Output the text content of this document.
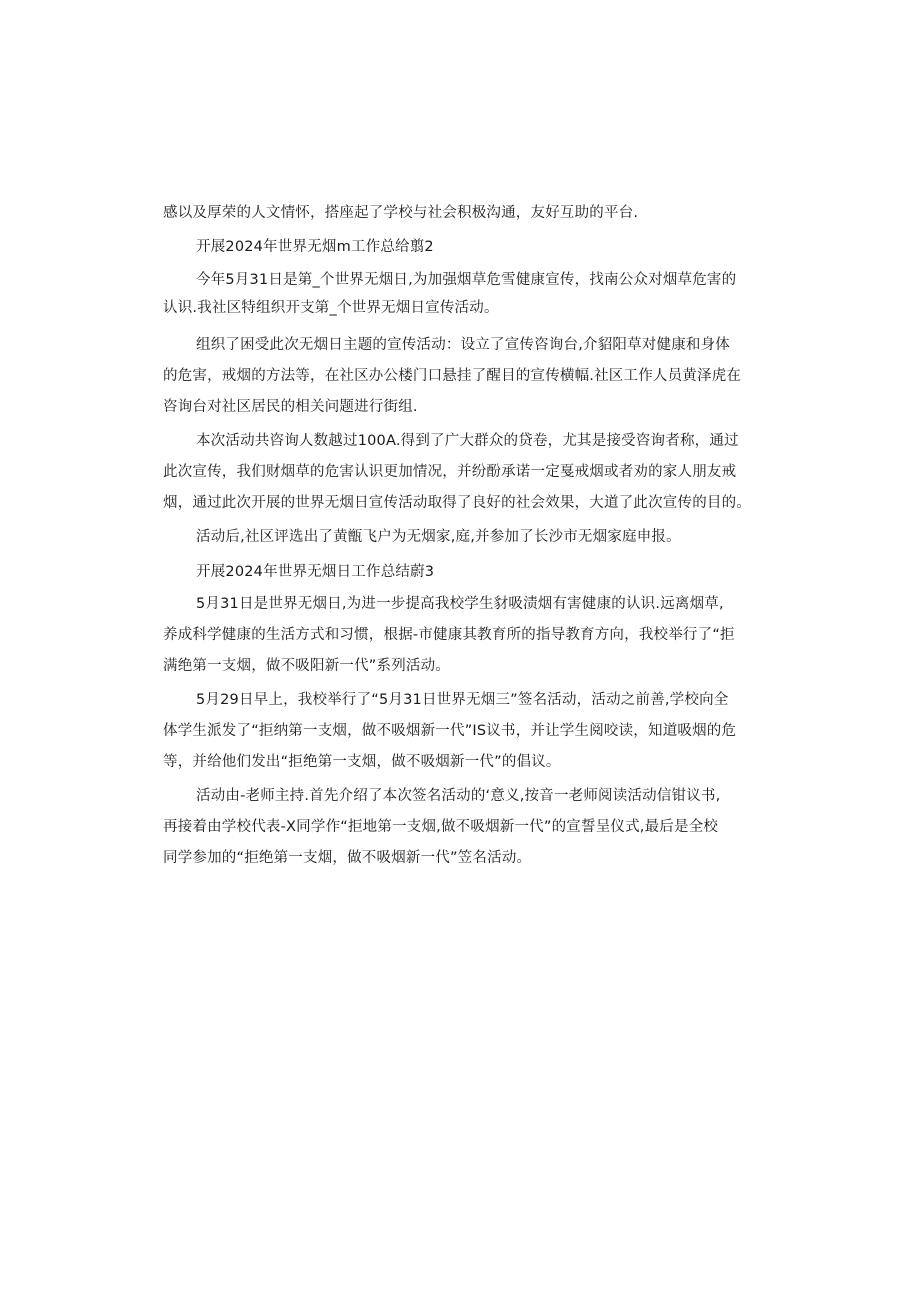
感以及厚荣的人文情怀，搭座起了学校与社会积极沟通，友好互助的平台.
开展2024年世界无烟m工作总给翦2
今年5月31日是第_个世界无烟日,为加强烟草危雪健康宣传，找南公众对烟草危害的
认识.我社区特组织开支第_个世界无烟日宣传活动。
组织了困受此次无烟日主题的宣传活动：设立了宣传咨询台,介貂阳草对健康和身体
的危害，戒烟的方法等，在社区办公楼门口悬挂了醒目的宣传横幅.社区工作人员黄泽虎在
咨询台对社区居民的相关问题进行街组.
本次活动共咨询人数越过100A.得到了广大群众的贷卷，尤其是接受咨询者称，通过
此次宣传，我们财烟草的危害认识更加情况，并纷酚承诺一定戛戒烟或者劝的家人朋友戒
烟，通过此次开展的世界无烟日宣传活动取得了良好的社会效果，大道了此次宣传的目的。
活动后,社区评选出了黄甑飞户为无烟家,庭,并参加了长沙市无烟家庭申报。
开展2024年世界无烟日工作总结蔚3
5月31日是世界无烟日,为进一步提高我校学生豺吸渍烟有害健康的认识.远离烟草,
养成科学健康的生活方式和习惯，根据-市健康其教育所的指导教育方向，我校举行了“拒
满绝第一支烟，做不吸阳新一代”系列活动。
5月29日早上，我校举行了“5月31日世界无烟三”签名活动，活动之前善,学校向全
体学生派发了“拒纳第一支烟，做不吸烟新一代”IS议书，并让学生阅咬读，知道吸烟的危
等，并给他们发出“拒绝第一支烟，做不吸烟新一代”的倡议。
活动由-老师主持.首先介绍了本次签名活动的‘意义,按音一老师阅读活动信钳议书,
再接着由学校代表-X同学作“拒地第一支烟,做不吸烟新一代”的宣誓呈仪式,最后是全校
同学参加的“拒绝第一支烟，做不吸烟新一代”笠名活动。
